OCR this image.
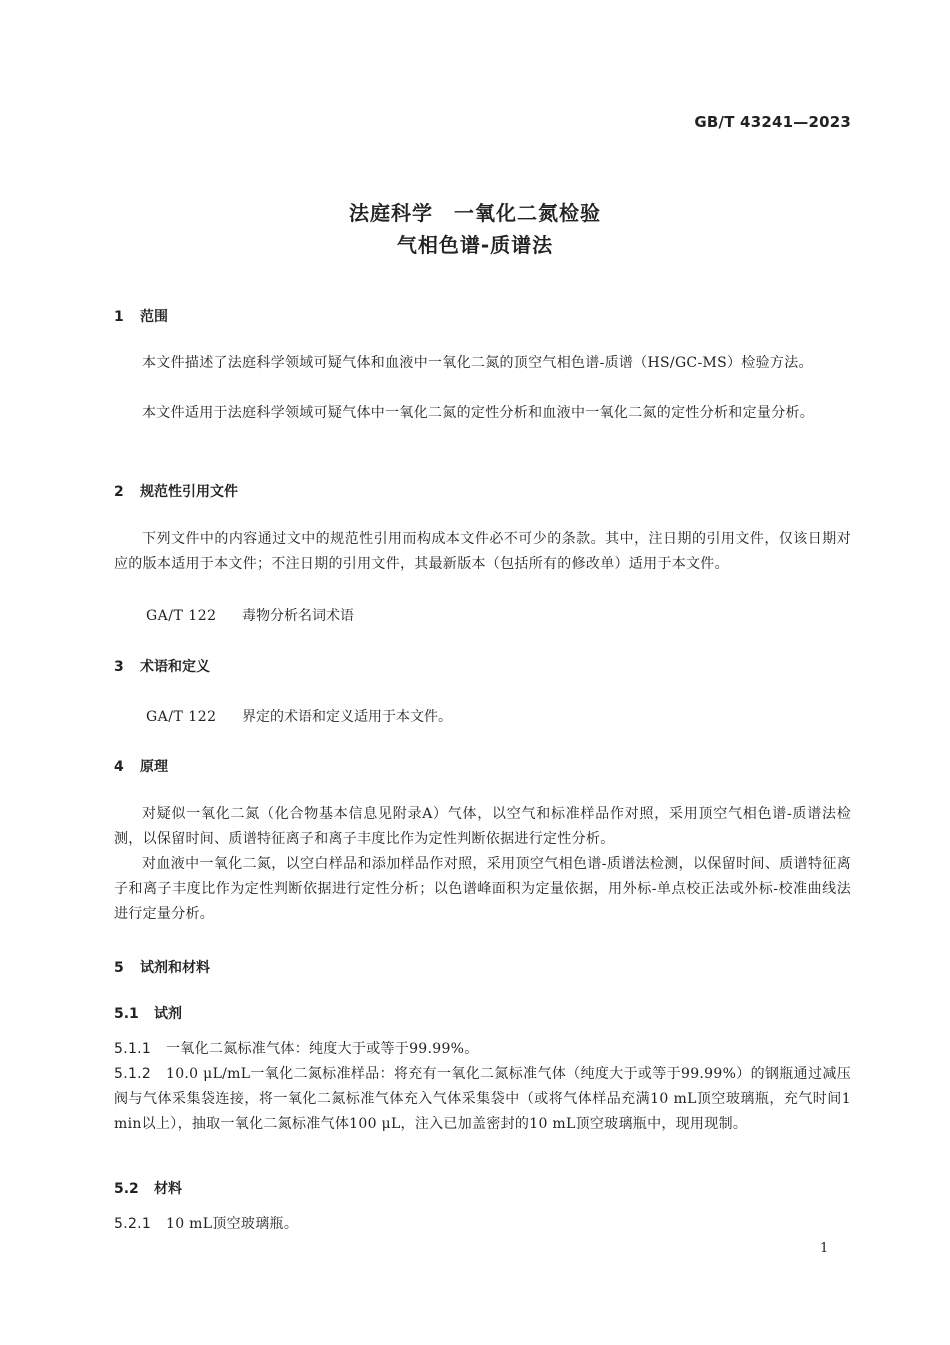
GB/T 43241—2023
法庭科学　一氧化二氮检验
气相色谱-质谱法
1 范围
本文件描述了法庭科学领域可疑气体和血液中一氧化二氮的顶空气相色谱-质谱（HS/GC-MS）检验方法。
本文件适用于法庭科学领域可疑气体中一氧化二氮的定性分析和血液中一氧化二氮的定性分析和定量分析。
2 规范性引用文件
下列文件中的内容通过文中的规范性引用而构成本文件必不可少的条款。其中，注日期的引用文件，仅该日期对应的版本适用于本文件；不注日期的引用文件，其最新版本（包括所有的修改单）适用于本文件。
GA/T 122 毒物分析名词术语
3 术语和定义
GA/T 122 界定的术语和定义适用于本文件。
4 原理
对疑似一氧化二氮（化合物基本信息见附录A）气体，以空气和标准样品作对照，采用顶空气相色谱-质谱法检测，以保留时间、质谱特征离子和离子丰度比作为定性判断依据进行定性分析。
对血液中一氧化二氮，以空白样品和添加样品作对照，采用顶空气相色谱-质谱法检测，以保留时间、质谱特征离子和离子丰度比作为定性判断依据进行定性分析；以色谱峰面积为定量依据，用外标-单点校正法或外标-校准曲线法进行定量分析。
5 试剂和材料
5.1 试剂
5.1.1 一氧化二氮标准气体：纯度大于或等于99.99%。
5.1.2 10.0 μL/mL一氧化二氮标准样品：将充有一氧化二氮标准气体（纯度大于或等于99.99%）的钢瓶通过减压阀与气体采集袋连接，将一氧化二氮标准气体充入气体采集袋中（或将气体样品充满10 mL顶空玻璃瓶，充气时间1 min以上），抽取一氧化二氮标准气体100 μL，注入已加盖密封的10 mL顶空玻璃瓶中，现用现制。
5.2 材料
5.2.1 10 mL顶空玻璃瓶。
1
